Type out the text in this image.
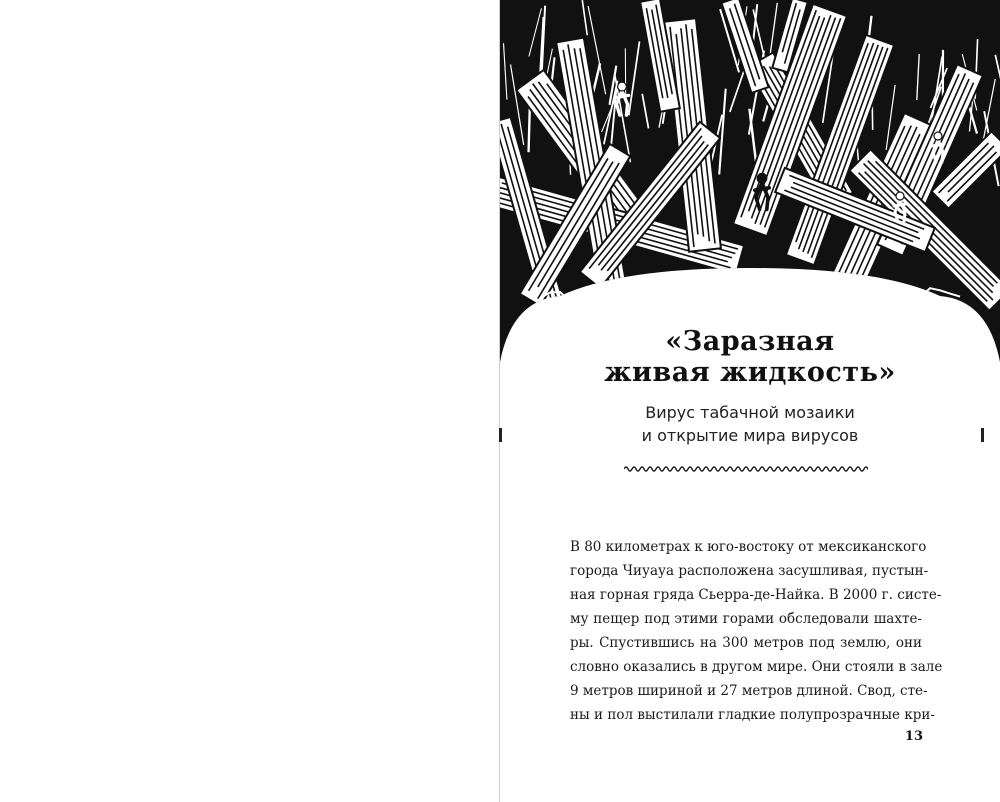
«Заразная
живая жидкость»
Вирус табачной мозаики
и открытие мира вирусов
В 80 километрах к юго-востоку от мексиканского
города Чиуауа расположена засушливая, пустын-
ная горная гряда Сьерра-де-Найка. В 2000 г. систе-
му пещер под этими горами обследовали шахте-
ры. Спустившись на 300 метров под землю, они
словно оказались в другом мире. Они стояли в зале
9 метров шириной и 27 метров длиной. Свод, сте-
ны и пол выстилали гладкие полупрозрачные кри-
13
